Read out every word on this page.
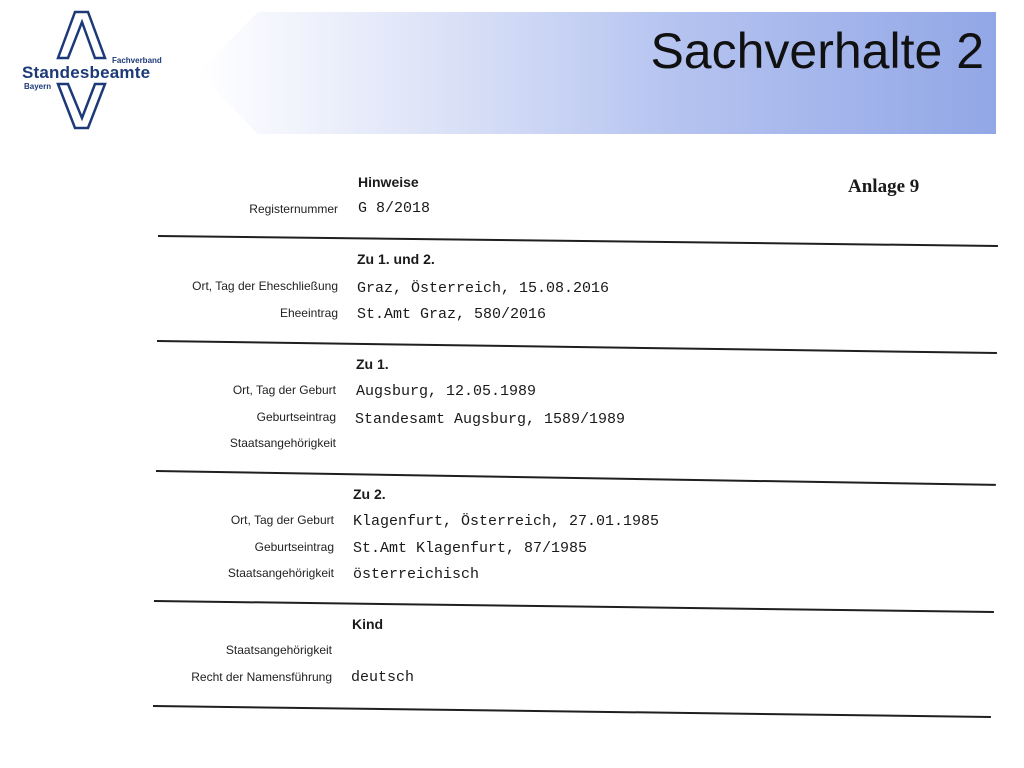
Sachverhalte 2
Fachverband
Standesbeamte
Bayern
Anlage 9
Hinweise
Registernummer G 8/2018
Zu 1. und 2.
Ort, Tag der Eheschließung Graz, Österreich, 15.08.2016
Eheeintrag St.Amt Graz, 580/2016
Zu 1.
Ort, Tag der Geburt Augsburg, 12.05.1989
Geburtseintrag Standesamt Augsburg, 1589/1989
Staatsangehörigkeit
Zu 2.
Ort, Tag der Geburt Klagenfurt, Österreich, 27.01.1985
Geburtseintrag St.Amt Klagenfurt, 87/1985
Staatsangehörigkeit österreichisch
Kind
Staatsangehörigkeit
Recht der Namensführung deutsch
